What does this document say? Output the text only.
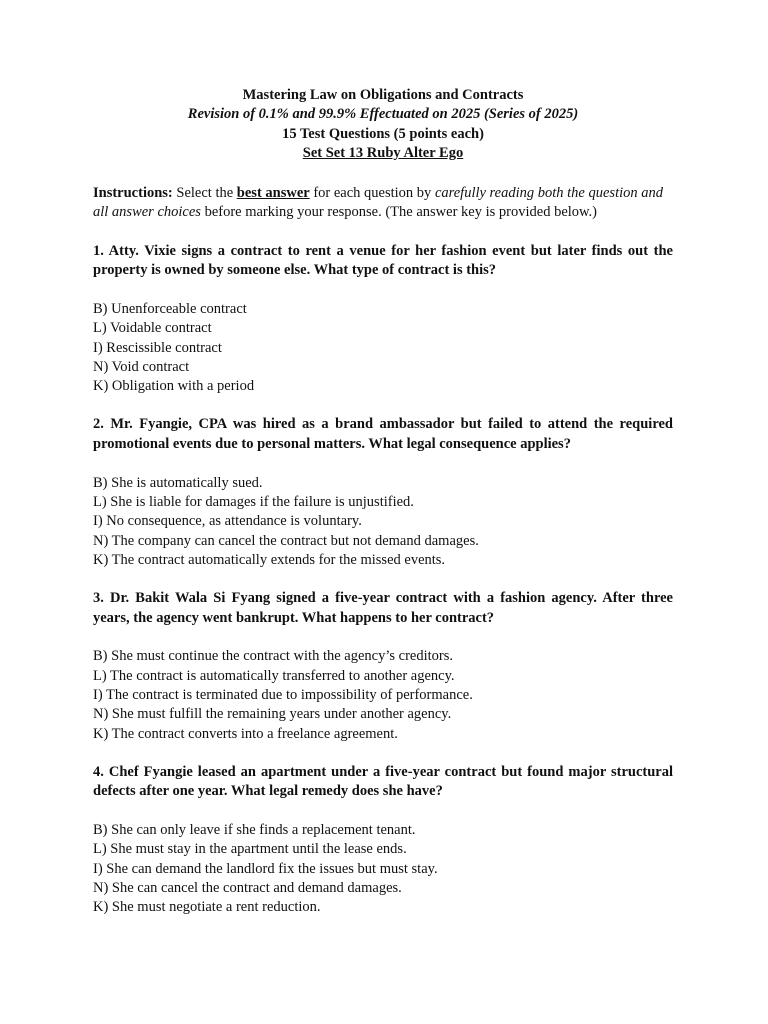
Mastering Law on Obligations and Contracts
Revision of 0.1% and 99.9% Effectuated on 2025 (Series of 2025)
15 Test Questions (5 points each)
Set Set 13 Ruby Alter Ego
Instructions: Select the best answer for each question by carefully reading both the question and all answer choices before marking your response. (The answer key is provided below.)
1. Atty. Vixie signs a contract to rent a venue for her fashion event but later finds out the property is owned by someone else. What type of contract is this?
B) Unenforceable contract
L) Voidable contract
I) Rescissible contract
N) Void contract
K) Obligation with a period
2. Mr. Fyangie, CPA was hired as a brand ambassador but failed to attend the required promotional events due to personal matters. What legal consequence applies?
B) She is automatically sued.
L) She is liable for damages if the failure is unjustified.
I) No consequence, as attendance is voluntary.
N) The company can cancel the contract but not demand damages.
K) The contract automatically extends for the missed events.
3. Dr. Bakit Wala Si Fyang signed a five-year contract with a fashion agency. After three years, the agency went bankrupt. What happens to her contract?
B) She must continue the contract with the agency’s creditors.
L) The contract is automatically transferred to another agency.
I) The contract is terminated due to impossibility of performance.
N) She must fulfill the remaining years under another agency.
K) The contract converts into a freelance agreement.
4. Chef Fyangie leased an apartment under a five-year contract but found major structural defects after one year. What legal remedy does she have?
B) She can only leave if she finds a replacement tenant.
L) She must stay in the apartment until the lease ends.
I) She can demand the landlord fix the issues but must stay.
N) She can cancel the contract and demand damages.
K) She must negotiate a rent reduction.
